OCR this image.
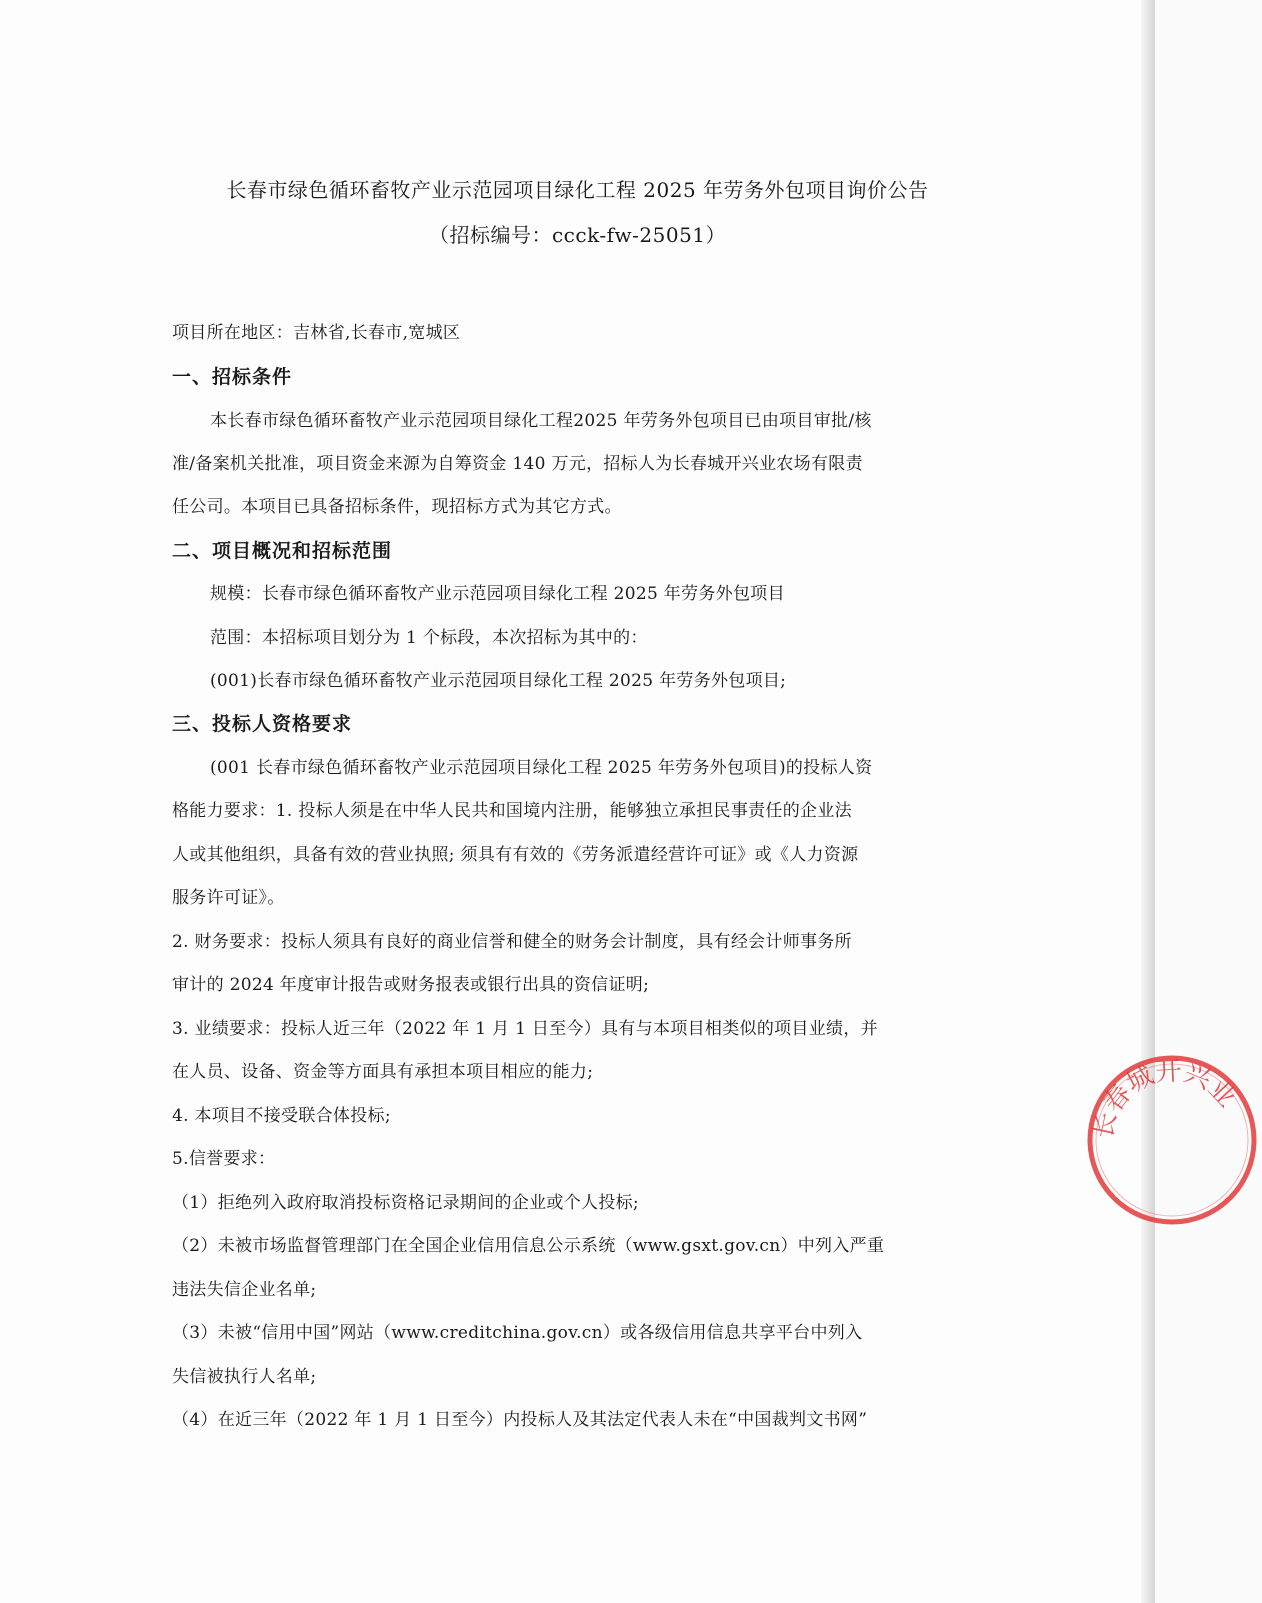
长春市绿色循环畜牧产业示范园项目绿化工程 2025 年劳务外包项目询价公告
（招标编号：ccck-fw-25051）
项目所在地区：吉林省,长春市,宽城区
一、招标条件
本长春市绿色循环畜牧产业示范园项目绿化工程2025 年劳务外包项目已由项目审批/核
准/备案机关批准，项目资金来源为自筹资金 140 万元，招标人为长春城开兴业农场有限责
任公司。本项目已具备招标条件，现招标方式为其它方式。
二、项目概况和招标范围
规模：长春市绿色循环畜牧产业示范园项目绿化工程 2025 年劳务外包项目
范围：本招标项目划分为 1 个标段，本次招标为其中的：
(001)长春市绿色循环畜牧产业示范园项目绿化工程 2025 年劳务外包项目;
三、投标人资格要求
(001 长春市绿色循环畜牧产业示范园项目绿化工程 2025 年劳务外包项目)的投标人资
格能力要求：1. 投标人须是在中华人民共和国境内注册，能够独立承担民事责任的企业法
人或其他组织，具备有效的营业执照; 须具有有效的《劳务派遣经营许可证》或《人力资源
服务许可证》。
2. 财务要求：投标人须具有良好的商业信誉和健全的财务会计制度，具有经会计师事务所
审计的 2024 年度审计报告或财务报表或银行出具的资信证明;
3. 业绩要求：投标人近三年（2022 年 1 月 1 日至今）具有与本项目相类似的项目业绩，并
在人员、设备、资金等方面具有承担本项目相应的能力;
4. 本项目不接受联合体投标;
5.信誉要求：
（1）拒绝列入政府取消投标资格记录期间的企业或个人投标;
（2）未被市场监督管理部门在全国企业信用信息公示系统（www.gsxt.gov.cn）中列入严重
违法失信企业名单;
（3）未被“信用中国”网站（www.creditchina.gov.cn）或各级信用信息共享平台中列入
失信被执行人名单;
（4）在近三年（2022 年 1 月 1 日至今）内投标人及其法定代表人未在“中国裁判文书网”
长春城开兴业
